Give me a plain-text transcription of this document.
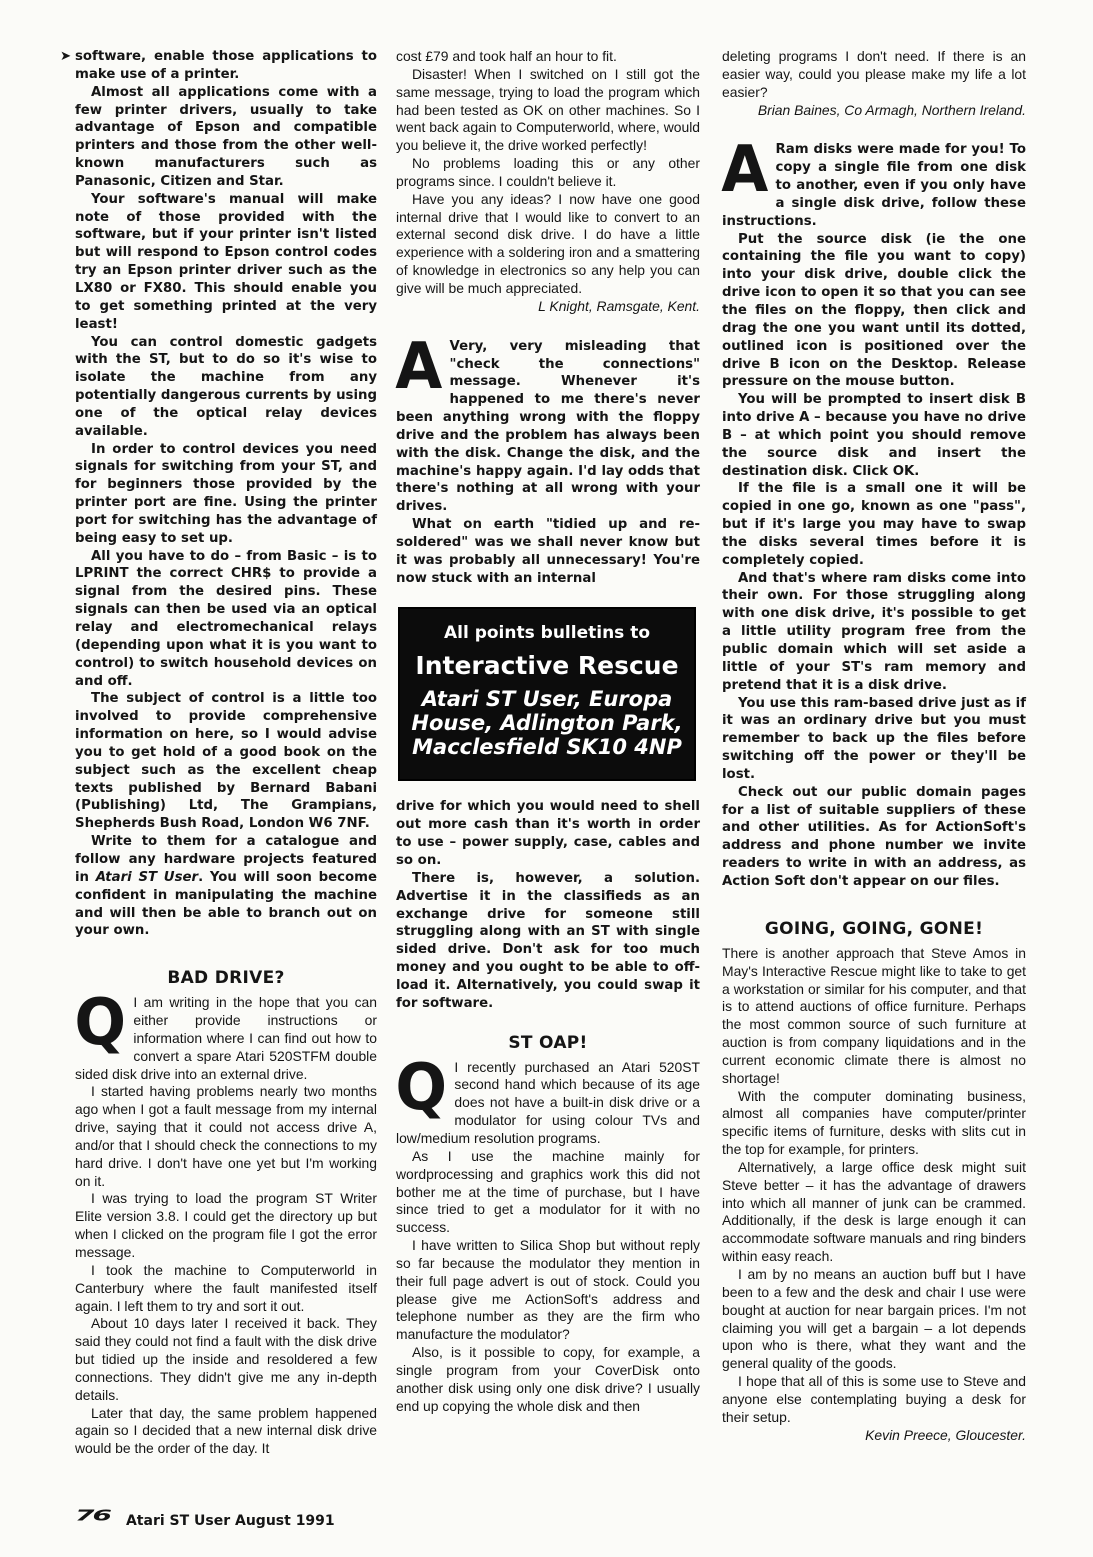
➤ software, enable those applications to make use of a printer.

Almost all applications come with a few printer drivers, usually to take advantage of Epson and compatible printers and those from the other well-known manufacturers such as Panasonic, Citizen and Star.

Your software's manual will make note of those provided with the software, but if your printer isn't listed but will respond to Epson control codes try an Epson printer driver such as the LX80 or FX80. This should enable you to get something printed at the very least!

You can control domestic gadgets with the ST, but to do so it's wise to isolate the machine from any potentially dangerous currents by using one of the optical relay devices available.

In order to control devices you need signals for switching from your ST, and for beginners those provided by the printer port are fine. Using the printer port for switching has the advantage of being easy to set up.

All you have to do – from Basic – is to LPRINT the correct CHR$ to provide a signal from the desired pins. These signals can then be used via an optical relay and electromechanical relays (depending upon what it is you want to control) to switch household devices on and off.

The subject of control is a little too involved to provide comprehensive information on here, so I would advise you to get hold of a good book on the subject such as the excellent cheap texts published by Bernard Babani (Publishing) Ltd, The Grampians, Shepherds Bush Road, London W6 7NF.

Write to them for a catalogue and follow any hardware projects featured in Atari ST User. You will soon become confident in manipulating the machine and will then be able to branch out on your own.

BAD DRIVE?

Q I am writing in the hope that you can either provide instructions or information where I can find out how to convert a spare Atari 520STFM double sided disk drive into an external drive.

I started having problems nearly two months ago when I got a fault message from my internal drive, saying that it could not access drive A, and/or that I should check the connections to my hard drive. I don't have one yet but I'm working on it.

I was trying to load the program ST Writer Elite version 3.8. I could get the directory up but when I clicked on the program file I got the error message.

I took the machine to Computerworld in Canterbury where the fault manifested itself again. I left them to try and sort it out.

About 10 days later I received it back. They said they could not find a fault with the disk drive but tidied up the inside and resoldered a few connections. They didn't give me any in-depth details.

Later that day, the same problem happened again so I decided that a new internal disk drive would be the order of the day. It

cost £79 and took half an hour to fit.

Disaster! When I switched on I still got the same message, trying to load the program which had been tested as OK on other machines. So I went back again to Computerworld, where, would you believe it, the drive worked perfectly!

No problems loading this or any other programs since. I couldn't believe it.

Have you any ideas? I now have one good internal drive that I would like to convert to an external second disk drive. I do have a little experience with a soldering iron and a smattering of knowledge in electronics so any help you can give will be much appreciated.

L Knight, Ramsgate, Kent.

A Very, very misleading that "check the connections" message. Whenever it's happened to me there's never been anything wrong with the floppy drive and the problem has always been with the disk. Change the disk, and the machine's happy again. I'd lay odds that there's nothing at all wrong with your drives.

What on earth "tidied up and re-soldered" was we shall never know but it was probably all unnecessary! You're now stuck with an internal

All points bulletins to
Interactive Rescue
Atari ST User, Europa House, Adlington Park, Macclesfield SK10 4NP

drive for which you would need to shell out more cash than it's worth in order to use – power supply, case, cables and so on.

There is, however, a solution. Advertise it in the classifieds as an exchange drive for someone still struggling along with an ST with single sided drive. Don't ask for too much money and you ought to be able to off-load it. Alternatively, you could swap it for software.

ST OAP!

Q I recently purchased an Atari 520ST second hand which because of its age does not have a built-in disk drive or a modulator for using colour TVs and low/medium resolution programs.

As I use the machine mainly for wordprocessing and graphics work this did not bother me at the time of purchase, but I have since tried to get a modulator for it with no success.

I have written to Silica Shop but without reply so far because the modulator they mention in their full page advert is out of stock. Could you please give me ActionSoft's address and telephone number as they are the firm who manufacture the modulator?

Also, is it possible to copy, for example, a single program from your CoverDisk onto another disk using only one disk drive? I usually end up copying the whole disk and then

deleting programs I don't need. If there is an easier way, could you please make my life a lot easier?

Brian Baines, Co Armagh, Northern Ireland.

A Ram disks were made for you! To copy a single file from one disk to another, even if you only have a single disk drive, follow these instructions.

Put the source disk (ie the one containing the file you want to copy) into your disk drive, double click the drive icon to open it so that you can see the files on the floppy, then click and drag the one you want until its dotted, outlined icon is positioned over the drive B icon on the Desktop. Release pressure on the mouse button.

You will be prompted to insert disk B into drive A – because you have no drive B – at which point you should remove the source disk and insert the destination disk. Click OK.

If the file is a small one it will be copied in one go, known as one "pass", but if it's large you may have to swap the disks several times before it is completely copied.

And that's where ram disks come into their own. For those struggling along with one disk drive, it's possible to get a little utility program free from the public domain which will set aside a little of your ST's ram memory and pretend that it is a disk drive.

You use this ram-based drive just as if it was an ordinary drive but you must remember to back up the files before switching off the power or they'll be lost.

Check out our public domain pages for a list of suitable suppliers of these and other utilities. As for ActionSoft's address and phone number we invite readers to write in with an address, as Action Soft don't appear on our files.

GOING, GOING, GONE!

There is another approach that Steve Amos in May's Interactive Rescue might like to take to get a workstation or similar for his computer, and that is to attend auctions of office furniture. Perhaps the most common source of such furniture at auction is from company liquidations and in the current economic climate there is almost no shortage!

With the computer dominating business, almost all companies have computer/printer specific items of furniture, desks with slits cut in the top for example, for printers.

Alternatively, a large office desk might suit Steve better – it has the advantage of drawers into which all manner of junk can be crammed. Additionally, if the desk is large enough it can accommodate software manuals and ring binders within easy reach.

I am by no means an auction buff but I have been to a few and the desk and chair I use were bought at auction for near bargain prices. I'm not claiming you will get a bargain – a lot depends upon who is there, what they want and the general quality of the goods.

I hope that all of this is some use to Steve and anyone else contemplating buying a desk for their setup.

Kevin Preece, Gloucester.

76 Atari ST User August 1991
